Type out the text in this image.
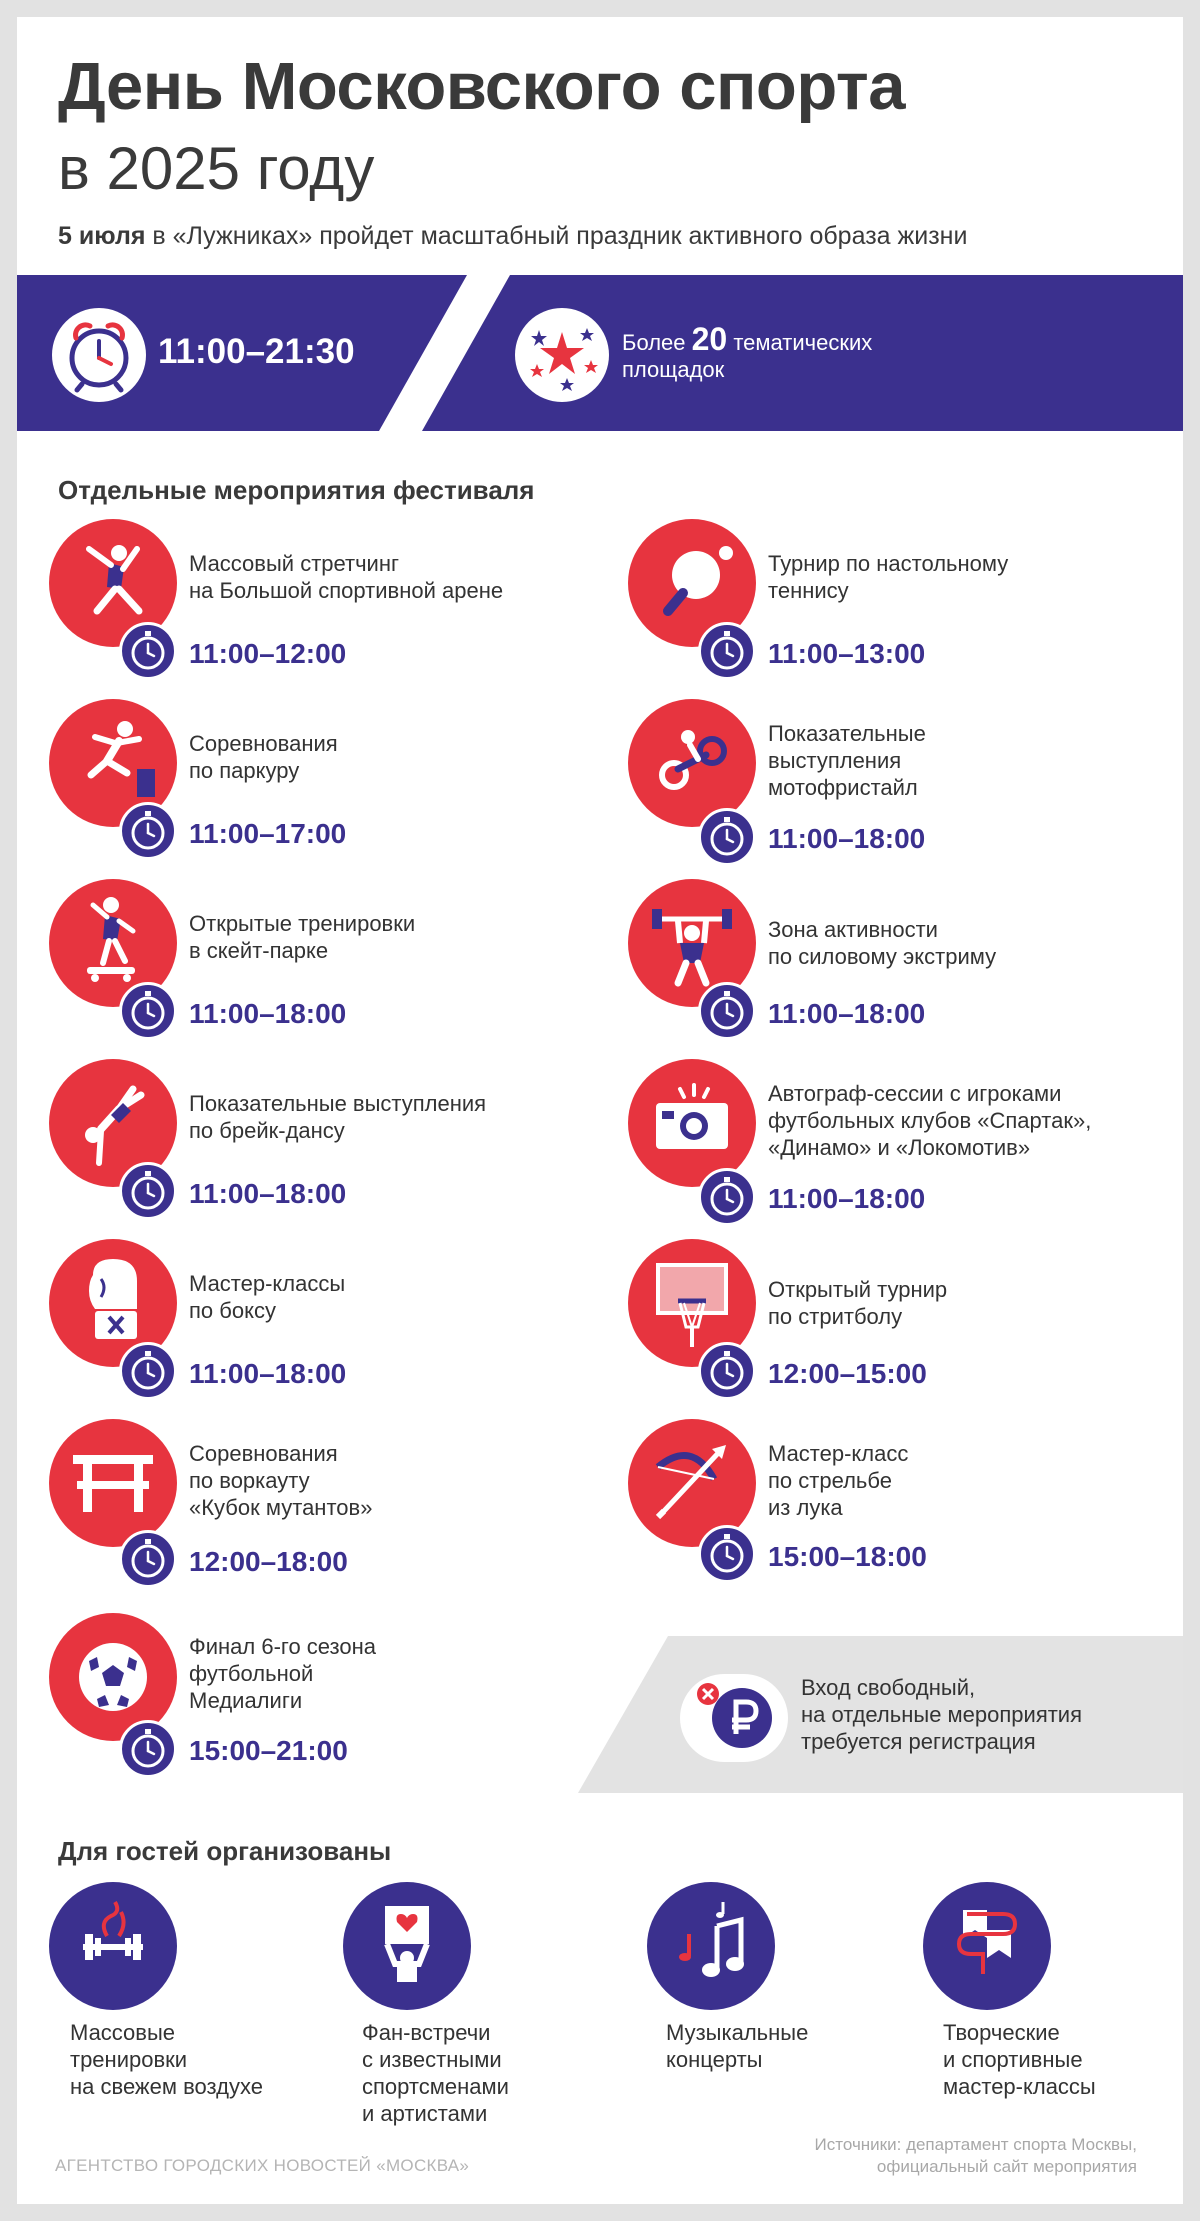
День Московского спорта
в 2025 году
5 июля в «Лужниках» пройдет масштабный праздник активного образа жизни
11:00–21:30	Более 20 тематических
площадок
Отдельные мероприятия фестиваля
Массовый стретчинг
на Большой спортивной арене
11:00–12:00
Турнир по настольному
теннису
11:00–13:00
Соревнования
по паркуру
11:00–17:00
Показательные
выступления
мотофристайл
11:00–18:00
Открытые тренировки
в скейт-парке
11:00–18:00
Зона активности
по силовому экстриму
11:00–18:00
Показательные выступления
по брейк-дансу
11:00–18:00
Автограф-сессии с игроками
футбольных клубов «Спартак»,
«Динамо» и «Локомотив»
11:00–18:00
Мастер-классы
по боксу
11:00–18:00
Открытый турнир
по стритболу
12:00–15:00
Соревнования
по воркауту
«Кубок мутантов»
12:00–18:00
Мастер-класс
по стрельбе
из лука
15:00–18:00
Финал 6-го сезона
футбольной
Медиалиги
15:00–21:00
Вход свободный,
на отдельные мероприятия
требуется регистрация
Для гостей организованы
Массовые
тренировки
на свежем воздухе
Фан-встречи
с известными
спортсменами
и артистами
Музыкальные
концерты
Творческие
и спортивные
мастер-классы
АГЕНТСТВО ГОРОДСКИХ НОВОСТЕЙ «МОСКВА»
Источники: департамент спорта Москвы,
официальный сайт мероприятия
